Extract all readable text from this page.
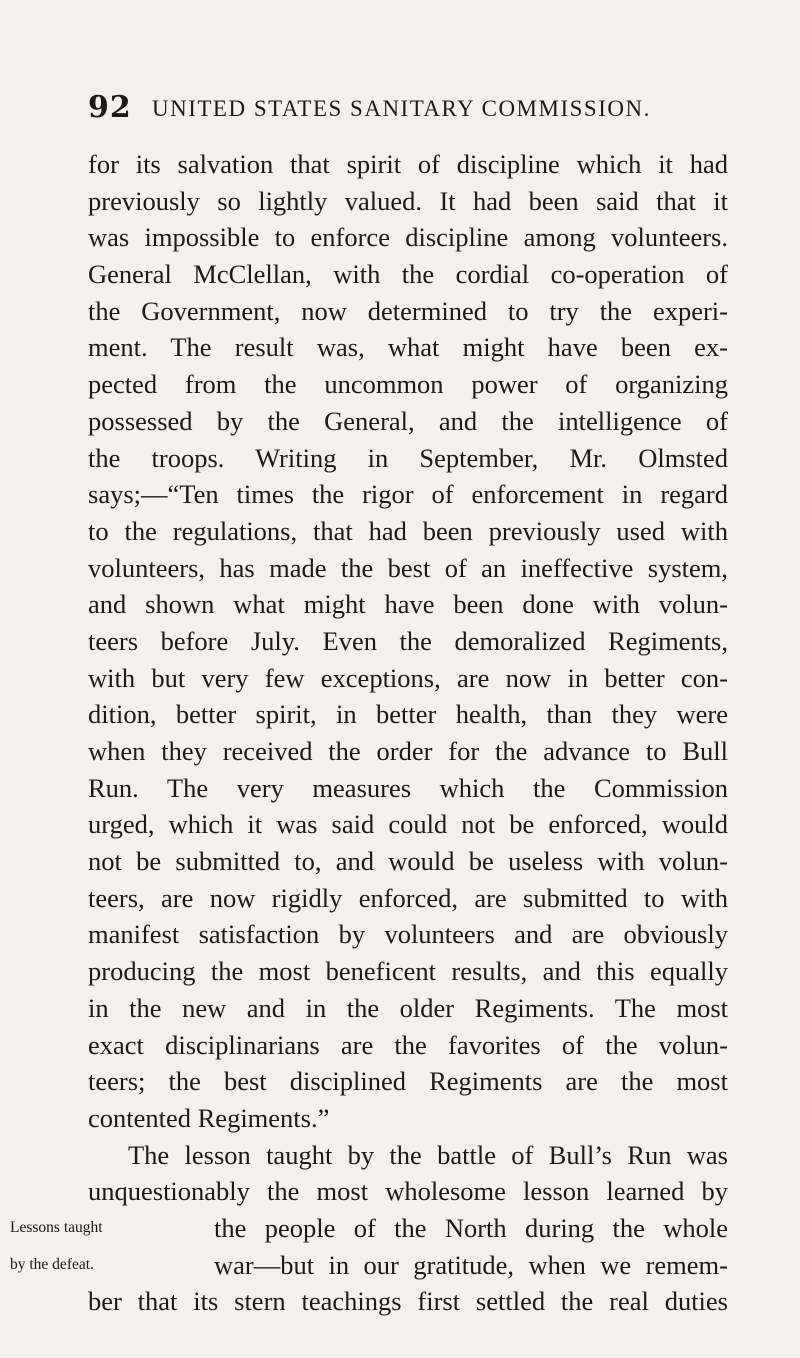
92 UNITED STATES SANITARY COMMISSION.
for its salvation that spirit of discipline which it had
previously so lightly valued. It had been said that it
was impossible to enforce discipline among volunteers.
General McClellan, with the cordial co-operation of
the Government, now determined to try the experi-
ment. The result was, what might have been ex-
pected from the uncommon power of organizing
possessed by the General, and the intelligence of
the troops. Writing in September, Mr. Olmsted
says;—“Ten times the rigor of enforcement in regard
to the regulations, that had been previously used with
volunteers, has made the best of an ineffective system,
and shown what might have been done with volun-
teers before July. Even the demoralized Regiments,
with but very few exceptions, are now in better con-
dition, better spirit, in better health, than they were
when they received the order for the advance to Bull
Run. The very measures which the Commission
urged, which it was said could not be enforced, would
not be submitted to, and would be useless with volun-
teers, are now rigidly enforced, are submitted to with
manifest satisfaction by volunteers and are obviously
producing the most beneficent results, and this equally
in the new and in the older Regiments. The most
exact disciplinarians are the favorites of the volun-
teers; the best disciplined Regiments are the most
contented Regiments.”
The lesson taught by the battle of Bull’s Run was
unquestionably the most wholesome lesson learned by
the people of the North during the whole
war—but in our gratitude, when we remem-
ber that its stern teachings first settled the real duties
Lessons taught
by the defeat.
